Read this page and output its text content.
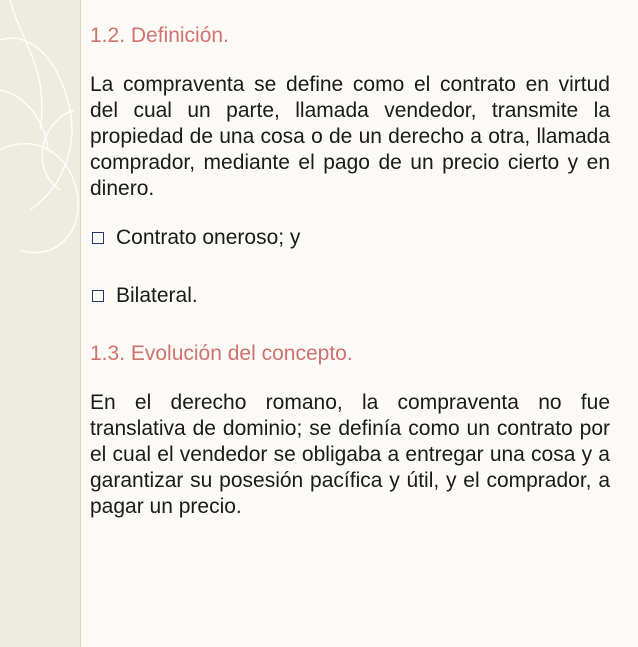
1.2. Definición.
La compraventa se define como el contrato en virtud del cual un parte, llamada vendedor, transmite la propiedad de una cosa o de un derecho a otra, llamada comprador, mediante el pago de un precio cierto y en dinero.
Contrato oneroso; y
Bilateral.
1.3. Evolución del concepto.
En el derecho romano, la compraventa no fue translativa de dominio; se definía como un contrato por el cual el vendedor se obligaba a entregar una cosa y a garantizar su posesión pacífica y útil, y el comprador, a pagar un precio.
